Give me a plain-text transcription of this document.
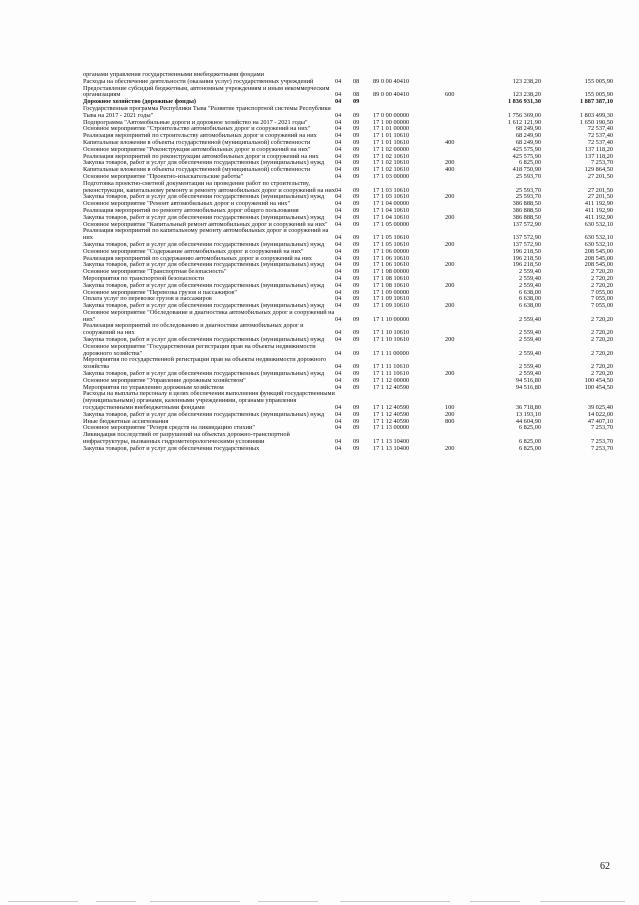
органами управления государственными внебюджетными фондами						
Расходы на обеспечение деятельности (оказания услуг) государственных учреждений	04	08	89 0 00 40410		123 238,20	155 005,90
Предоставление субсидий бюджетным, автономным учреждениям и иным некоммерческим организациям	04	08	89 0 00 40410	600	123 238,20	155 005,90
Дорожное хозяйство (дорожные фонды)	04	09			1 836 931,30	1 887 387,10
Государственная программа Республики Тыва "Развитие транспортной системы Республики Тыва на 2017 - 2021 годы"	04	09	17 0 00 00000		1 756 369,00	1 803 499,30
Подпрограмма "Автомобильные дороги и дорожное хозяйство на 2017 - 2021 годы"	04	09	17 1 00 00000		1 612 121,90	1 650 190,50
Основное мероприятие "Строительство автомобильных дорог и сооружений на них"	04	09	17 1 01 00000		68 249,90	72 537,40
Реализация мероприятий по строительству автомобильных дорог и сооружений на них	04	09	17 1 01 10610		68 249,90	72 537,40
Капитальные вложения в объекты государственной (муниципальной) собственности	04	09	17 1 01 10610	400	68 249,90	72 537,40
Основное мероприятие "Реконструкция автомобильных дорог и сооружений на них"	04	09	17 1 02 00000		425 575,90	137 118,20
Реализация мероприятий по реконструкции автомобильных дорог и сооружений на них	04	09	17 1 02 10610		425 575,90	137 118,20
Закупка товаров, работ и услуг для обеспечения государственных (муниципальных) нужд	04	09	17 1 02 10610	200	6 825,00	7 253,70
Капитальные вложения в объекты государственной (муниципальной) собственности	04	09	17 1 02 10610	400	418 750,90	129 864,50
Основное мероприятие "Проектно-изыскательские работы"	04	09	17 1 03 00000		25 593,70	27 201,50
Подготовка проектно-сметной документации на проведение работ по строительству, реконструкции, капитальному ремонту и ремонту автомобильных дорог и сооружений на них	04	09	17 1 03 10610		25 593,70	27 201,50
Закупка товаров, работ и услуг для обеспечения государственных (муниципальных) нужд	04	09	17 1 03 10610	200	25 593,70	27 201,50
Основное мероприятие "Ремонт автомобильных дорог и сооружений на них"	04	09	17 1 04 00000		386 888,50	411 192,90
Реализация мероприятий по ремонту автомобильных дорог общего пользования	04	09	17 1 04 10610		386 888,50	411 192,90
Закупка товаров, работ и услуг для обеспечения государственных (муниципальных) нужд	04	09	17 1 04 10610	200	386 888,50	411 192,90
Основное мероприятие "Капитальный ремонт автомобильных дорог и сооружений на них"	04	09	17 1 05 00000		137 572,90	630 532,10
Реализация мероприятий по капитальному ремонту автомобильных дорог и сооружений на них	04	09	17 1 05 10610		137 572,90	630 532,10
Закупка товаров, работ и услуг для обеспечения государственных (муниципальных) нужд	04	09	17 1 05 10610	200	137 572,90	630 532,10
Основное мероприятие "Содержание автомобильных дорог и сооружений на них"	04	09	17 1 06 00000		196 218,50	208 545,00
Реализация мероприятий по содержанию автомобильных дорог и сооружений на них	04	09	17 1 06 10610		196 218,50	208 545,00
Закупка товаров, работ и услуг для обеспечения государственных (муниципальных) нужд	04	09	17 1 06 10610	200	196 218,50	208 545,00
Основное мероприятие "Транспортная безопасность"	04	09	17 1 08 00000		2 559,40	2 720,20
Мероприятия по транспортной безопасности	04	09	17 1 08 10610		2 559,40	2 720,20
Закупка товаров, работ и услуг для обеспечения государственных (муниципальных) нужд	04	09	17 1 08 10610	200	2 559,40	2 720,20
Основное мероприятие "Перевозка грузов и пассажиров"	04	09	17 1 09 00000		6 638,00	7 055,00
Оплата услуг по перевозке грузов и пассажиров	04	09	17 1 09 10610		6 638,00	7 055,00
Закупка товаров, работ и услуг для обеспечения государственных (муниципальных) нужд	04	09	17 1 09 10610	200	6 638,00	7 055,00
Основное мероприятие "Обследование и диагностика автомобильных дорог и сооружений на них"	04	09	17 1 10 00000		2 559,40	2 720,20
Реализация мероприятий по обследованию и диагностике автомобильных дорог и сооружений на них	04	09	17 1 10 10610		2 559,40	2 720,20
Закупка товаров, работ и услуг для обеспечения государственных (муниципальных) нужд	04	09	17 1 10 10610	200	2 559,40	2 720,20
Основное мероприятие "Государственная регистрация прав на объекты недвижимости дорожного хозяйства"	04	09	17 1 11 00000		2 559,40	2 720,20
Мероприятия по государственной регистрации прав на объекты недвижимости дорожного хозяйства	04	09	17 1 11 10610		2 559,40	2 720,20
Закупка товаров, работ и услуг для обеспечения государственных (муниципальных) нужд	04	09	17 1 11 10610	200	2 559,40	2 720,20
Основное мероприятие "Управление дорожным хозяйством"	04	09	17 1 12 00000		94 516,80	100 454,50
Мероприятия по управлению дорожным хозяйством	04	09	17 1 12 40590		94 516,80	100 454,50
Расходы на выплаты персоналу в целях обеспечения выполнения функций государственными (муниципальными) органами, казенными учреждениями, органами управления государственными внебюджетными фондами	04	09	17 1 12 40590	100	36 718,80	39 025,40
Закупка товаров, работ и услуг для обеспечения государственных (муниципальных) нужд	04	09	17 1 12 40590	200	13 193,10	14 022,00
Иные бюджетные ассигнования	04	09	17 1 12 40590	800	44 604,90	47 407,10
Основное мероприятие "Резерв средств на ликвидацию стихии"	04	09	17 1 13 00000		6 825,00	7 253,70
Ликвидация последствий от разрушений на объектах дорожно-транспортной инфраструктуры, вызванных гидрометеорологическими условиями	04	09	17 1 13 10400		6 825,00	7 253,70
Закупка товаров, работ и услуг для обеспечения государственных	04	09	17 1 13 10400	200	6 825,00	7 253,70
62
